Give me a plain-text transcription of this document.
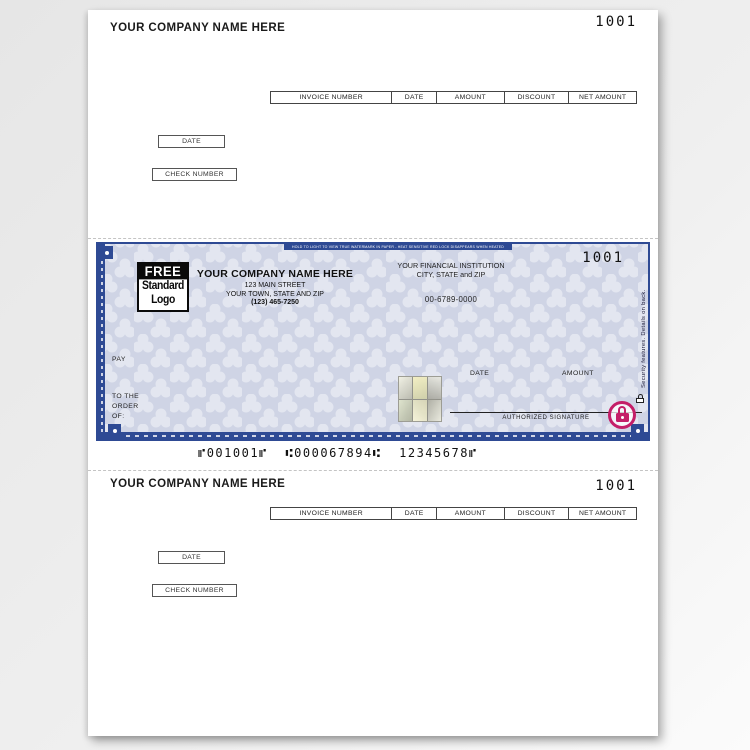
YOUR COMPANY NAME HERE	1001
INVOICE NUMBER	DATE	AMOUNT	DISCOUNT	NET AMOUNT
DATE
CHECK NUMBER
HOLD TO LIGHT TO VIEW TRUE WATERMARK IN PAPER - HEAT SENSITIVE RED LOCK DISAPPEARS WHEN HEATED
FREE
Standard
Logo
YOUR COMPANY NAME HERE
123 MAIN STREET
YOUR TOWN, STATE AND ZIP
(123) 465-7250
YOUR FINANCIAL INSTITUTION
CITY, STATE and ZIP
00-6789-0000
1001
PAY
TO THE
ORDER
OF:
DATE	AMOUNT
AUTHORIZED SIGNATURE
Security features. Details on back.
⑈001001⑈ ⑆000067894⑆ 12345678⑈
YOUR COMPANY NAME HERE	1001
INVOICE NUMBER	DATE	AMOUNT	DISCOUNT	NET AMOUNT
DATE
CHECK NUMBER
